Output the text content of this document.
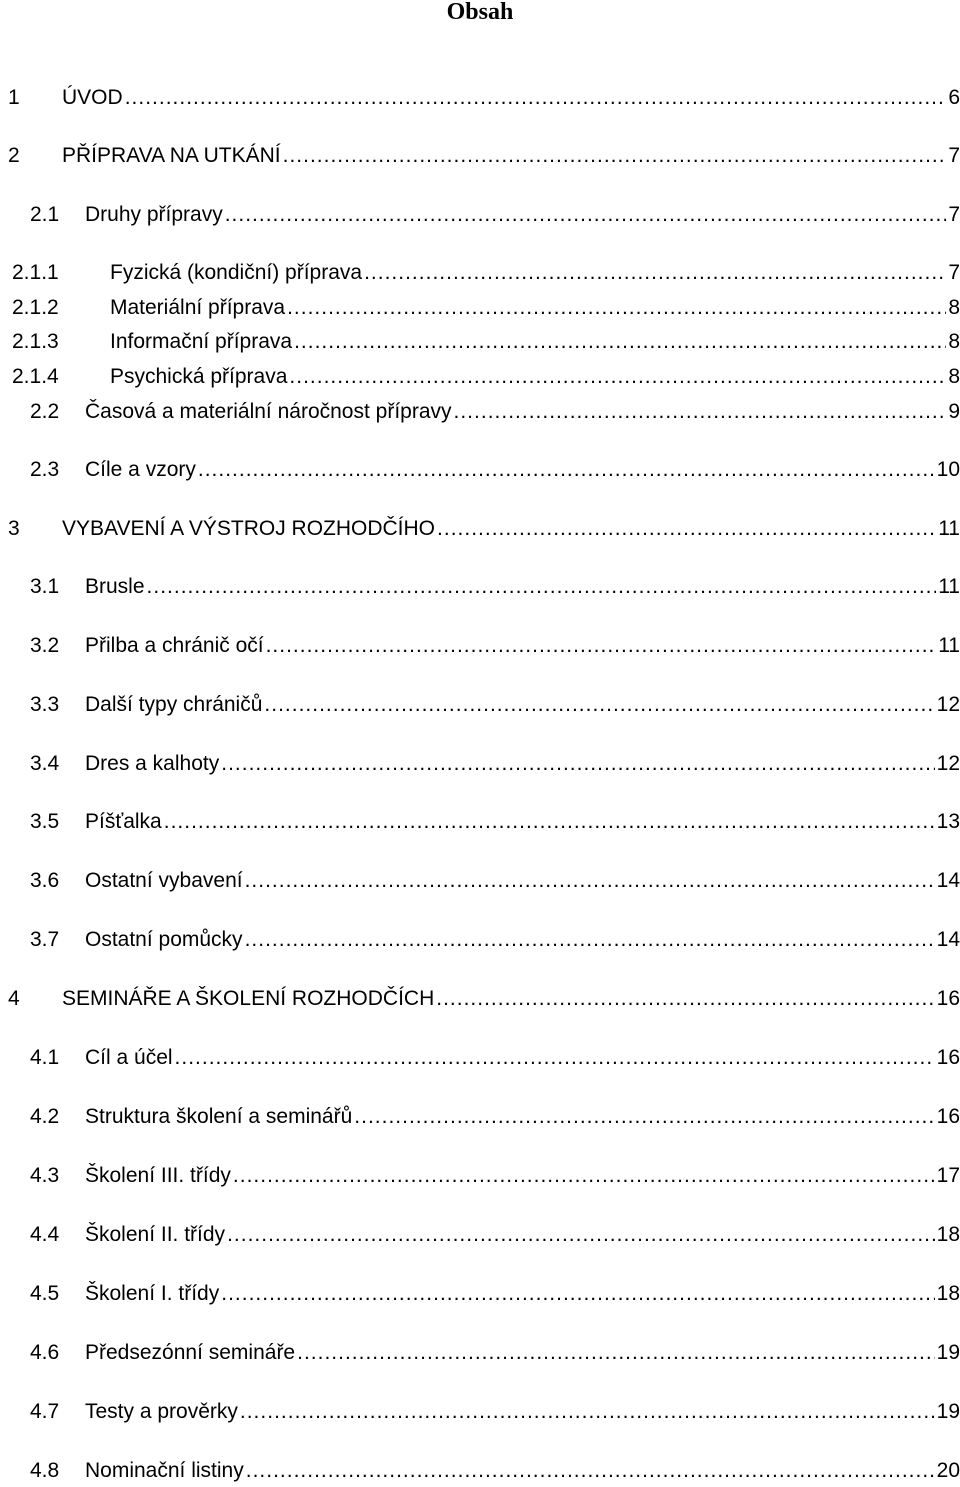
Obsah
1 ÚVOD .....	6
2 PŘÍPRAVA NA UTKÁNÍ .....	7
2.1 Druhy přípravy .....	7
2.1.1 Fyzická (kondiční) příprava .....	7
2.1.2 Materiální příprava .....	8
2.1.3 Informační příprava .....	8
2.1.4 Psychická příprava .....	8
2.2 Časová a materiální náročnost přípravy .....	9
2.3 Cíle a vzory .....	10
3 VYBAVENÍ A VÝSTROJ ROZHODČÍHO .....	11
3.1 Brusle .....	11
3.2 Přilba a chránič očí .....	11
3.3 Další typy chráničů .....	12
3.4 Dres a kalhoty .....	12
3.5 Píšťalka .....	13
3.6 Ostatní vybavení .....	14
3.7 Ostatní pomůcky .....	14
4 SEMINÁŘE A ŠKOLENÍ ROZHODČÍCH .....	16
4.1 Cíl a účel .....	16
4.2 Struktura školení a seminářů .....	16
4.3 Školení III. třídy .....	17
4.4 Školení II. třídy .....	18
4.5 Školení I. třídy .....	18
4.6 Předsezónní semináře .....	19
4.7 Testy a prověrky .....	19
4.8 Nominační listiny .....	20
